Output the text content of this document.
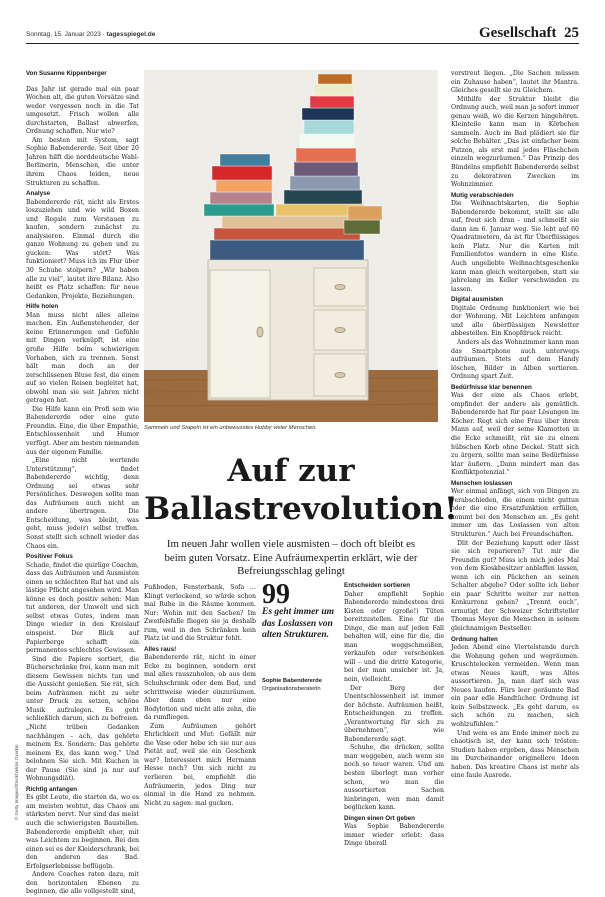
Sonntag, 15. Januar 2023 · tagesspiegel.de	Gesellschaft 25
Von Susanne Kippenberger

Das Jahr ist gerade mal ein paar Wochen alt, die guten Vorsätze sind weder vergessen noch in die Tat umgesetzt. Frisch wollen alle durchstarten, Ballast abwerfen, Ordnung schaffen. Nur wie?

Am besten mit System, sagt Sophie Babendererde. Seit über 20 Jahren hilft die norddeutsche Wahl-Berlinerin, Menschen, die unter ihrem Chaos leiden, neue Strukturen zu schaffen.

Analyse

Babendererde rät, nicht als Erstes loszuziehen und wie wild Boxen und Regale zum Verstauen zu kaufen, sondern zunächst zu analysieren. Einmal durch die ganze Wohnung zu gehen und zu gucken: Was stört? Was funktioniert? Muss ich im Flur über 30 Schuhe stolpern? „Wir haben alle zu viel“, lautet ihre Bilanz. Also heißt es Platz schaffen: für neue Gedanken, Projekte, Beziehungen.

Hilfe holen

Man muss nicht alles alleine machen. Ein Außenstehender, der keine Erinnerungen und Gefühle mit Dingen verknüpft, ist eine große Hilfe beim schwierigen Vorhaben, sich zu trennen. Sonst hält man doch an der zerschlissenen Bluse fest, die einen auf so vielen Reisen begleitet hat, obwohl man sie seit Jahren nicht getragen hat.

Die Hilfe kann ein Profi sein wie Babendererde oder eine gute Freundin. Eine, die über Empathie, Entschlossenheit und Humor verfügt. Aber am besten niemanden aus der eigenen Familie.

„Eine nicht wertende Unterstützung“, findet Babendererde wichtig, denn Ordnung sei etwas sehr Persönliches. Deswegen sollte man das Aufräumen auch nicht an andere übertragen. Die Entscheidung, was bleibt, was geht, muss jede(r) selbst treffen. Sonst stellt sich schnell wieder das Chaos ein.

Positiver Fokus

Schade, findet die quirlige Coachin, dass das Aufräumen und Ausmisten einen so schlechten Ruf hat und als lästige Pflicht angesehen wird. Man könne es doch positiv sehen: Man tut anderen, der Umwelt und sich selbst etwas Gutes, indem man Dinge wieder in den Kreislauf einspeist. Der Blick auf Papierberge schafft ein permanentes schlechtes Gewissen.

Sind die Papiere sortiert, die Bücherschränke frei, kann man mit diesem Gewissen nichts tun und die Aussicht genießen. Sie rät, sich beim Aufräumen nicht zu sehr unter Druck zu setzen, schöne Musik aufzulegen. Es geht schließlich darum, sich zu befreien. „Nicht trüben Gedanken nachhängen – ach, das gehörte meinem Ex. Sondern: Das gehörte meinem Ex, das kann weg.“ Und belohnen Sie sich. Mit Kuchen in der Pause (Sie sind ja nur auf Wohnungsdiät).

Richtig anfangen

Es gibt Leute, die starten da, wo es am meisten wehtut, das Chaos am stärksten nervt. Nur sind das meist auch die schwierigsten Baustellen. Babendererde empfiehlt eher, mit was Leichtem zu beginnen. Bei den einen sei es der Kleiderschrank, bei den anderen das Bad. Erfolgserlebnisse beflügeln.

Andere Coaches raten dazu, mit den horizontalen Ebenen zu beginnen, die alle vollgestellt sind,

Sammeln und Stapeln ist ein unbewusstes Hobby vieler Menschen.
© Getty Images/iStock/Vektor Dvorkin
Auf zur
Ballastrevolution!
Im neuen Jahr wollen viele ausmisten – doch oft bleibt es beim guten Vorsatz. Eine Aufräumexpertin erklärt, wie der Befreiungsschlag gelingt

Fußboden, Fensterbank, Sofa … Klingt verlockend, so würde schon mal Ruhe in die Räume kommen. Nur: Wohin mit den Sachen? Im Zweifelsfalle fliegen sie ja deshalb rum, weil in den Schränken kein Platz ist und die Struktur fehlt.

Alles raus!

Babendererde rät, nicht in einer Ecke zu beginnen, sondern erst mal alles rauszuholen, ob aus dem Schuhschrank oder dem Bad, und schrittweise wieder einzuräumen. Aber dann eben nur eine Bodylotion und nicht alle zehn, die da rumfliegen.

Zum Aufräumen gehört Ehrlichkeit und Mut: Gefällt mir die Vase oder hebe ich sie nur aus Pietät auf, weil sie ein Geschenk war? Interessiert mich Hermann Hesse noch? Um sich nicht zu verlieren bei, empfiehlt die Aufräumerin, jedes Ding nur einmal in die Hand zu nehmen. Nicht zu sagen: mal gucken.

99
Es geht immer um das Loslassen von alten Strukturen.
Sophie Babendererde
Organisationsberaterin
Entscheiden sortieren

Daher empfiehlt Sophie Babendererde mindestens drei Kisten oder (große!) Tüten bereitzustellen. Eine für die Dinge, die man auf jeden Fall behalten will, eine für die, die man weggschmeißen, verkaufen oder verschenken will – und die dritte Kategorie, bei der man unsicher ist. Ja, nein, vielleicht.

Der Berg der Unentschlossenheit ist immer der höchste. Aufräumen heißt, Entscheidungen zu treffen. „Verantwortung für sich zu übernehmen“, wie Babendererde sagt.

Schuhe, die drücken, sollte man weggeben, auch wenn sie noch so teuer waren. Und am besten überlegt man vorher schon, wo man die aussortierten Sachen hinbringen, wen man damit beglücken kann.

Dingen einen Ort geben

Was Sophie Babendererde immer wieder erlebt: dass Dinge überall

verstreut liegen. „Die Sachen müssen ein Zuhause haben“, lautet ihr Mantra. Gleiches gesellt sie zu Gleichem.

Mithilfe der Struktur bleibt die Ordnung auch, weil man ja sofort immer genau weiß, wo die Kerzen hingehören. Kleinteile kann man in Körbchen sammeln. Auch im Bad plädiert sie für solche Behälter. „Das ist einfacher beim Putzen, als erst mal jedes Fläschchen einzeln wegzuräumen.“ Das Prinzip des Bündelns empfiehlt Babendererde selbst zu dekorativen Zwecken im Wohnzimmer.

Mutig verabschieden

Die Weihnachtskarten, die Sophie Babendererde bekommt, stellt sie alle auf, freut sich dran – und schmeißt sie dann am 6. Januar weg. Sie lebt auf 60 Quadratmetern, da ist für Überflüssiges kein Platz. Nur die Karten mit Familienfotos wandern in eine Kiste. Auch ungeliebte Weihnachtsgeschenke kann man gleich weitergeben, statt sie jahrelang im Keller verschwinden zu lassen.

Digital ausmisten

Digitale Ordnung funktioniert wie bei der Wohnung. Mit Leichtem anfangen und alle überflüssigen Newsletter abbestellen. Ein Knopfdruck reicht.

Anders als das Wohnzimmer kann man das Smartphone auch unterwegs aufräumen. Stets auf dem Handy löschen, Bilder in Alben sortieren. Ordnung spart Zeit.

Bedürfnisse klar benennen

Was der eine als Chaos erlebt, empfindet der andere als gemütlich. Babendererde hat für paar Lösungen im Köcher. Regt sich eine Frau über ihren Mann auf, weil der seine Klamotten in die Ecke schmeißt, rät sie zu einem hübschen Korb ohne Deckel. Statt sich zu ärgern, sollte man seine Bedürfnisse klar äußern. „Dann mindert man das Konfliktpotenzial.“

Menschen loslassen

Wer einmal anfängt, sich von Dingen zu verabschieden, die einem nicht guttun oder die eine Ersatzfunktion erfüllen, kommt bei den Menschen an. „Es geht immer um das Loslassen von alten Strukturen.“ Auch bei Freundschaften.

Dlit der Beziehung kaputt oder lässt sie sich reparieren? Tut mir die Freundin gut? Muss ich mich jedes Mal von dem Kioskbesitzer anblaffen lassen, wenn ich ein Päckchen an seinen Schalter abgebe? Oder sollte ich lieber ein paar Schritte weiter zur netten Konkurrenz gehen? „Trennt euch“, ermutigt der Schweizer Schriftsteller Thomas Meyer die Menschen in seinem gleichnamigen Bestseller.

Ordnung halten

Jeden Abend eine Viertelstunde durch die Wohnung gehen und wegräumen. Kruschtelecken vermeiden. Wenn man etwas Neues kauft, was Altes aussortieren. Ja, man darf sich was Neues kaufen. Fürs leer geräumte Bad ein paar edle Handtücher. Ordnung ist kein Selbstzweck. „Es geht darum, es sich schön zu machen, sich wohlzufühlen.“

Und wem es am Ende immer noch zu chaotisch ist, der kann sich trösten: Studien haben ergeben, dass Menschen im Durcheinander originellere Ideen haben. Das kreative Chaos ist mehr als eine faule Ausrede.
